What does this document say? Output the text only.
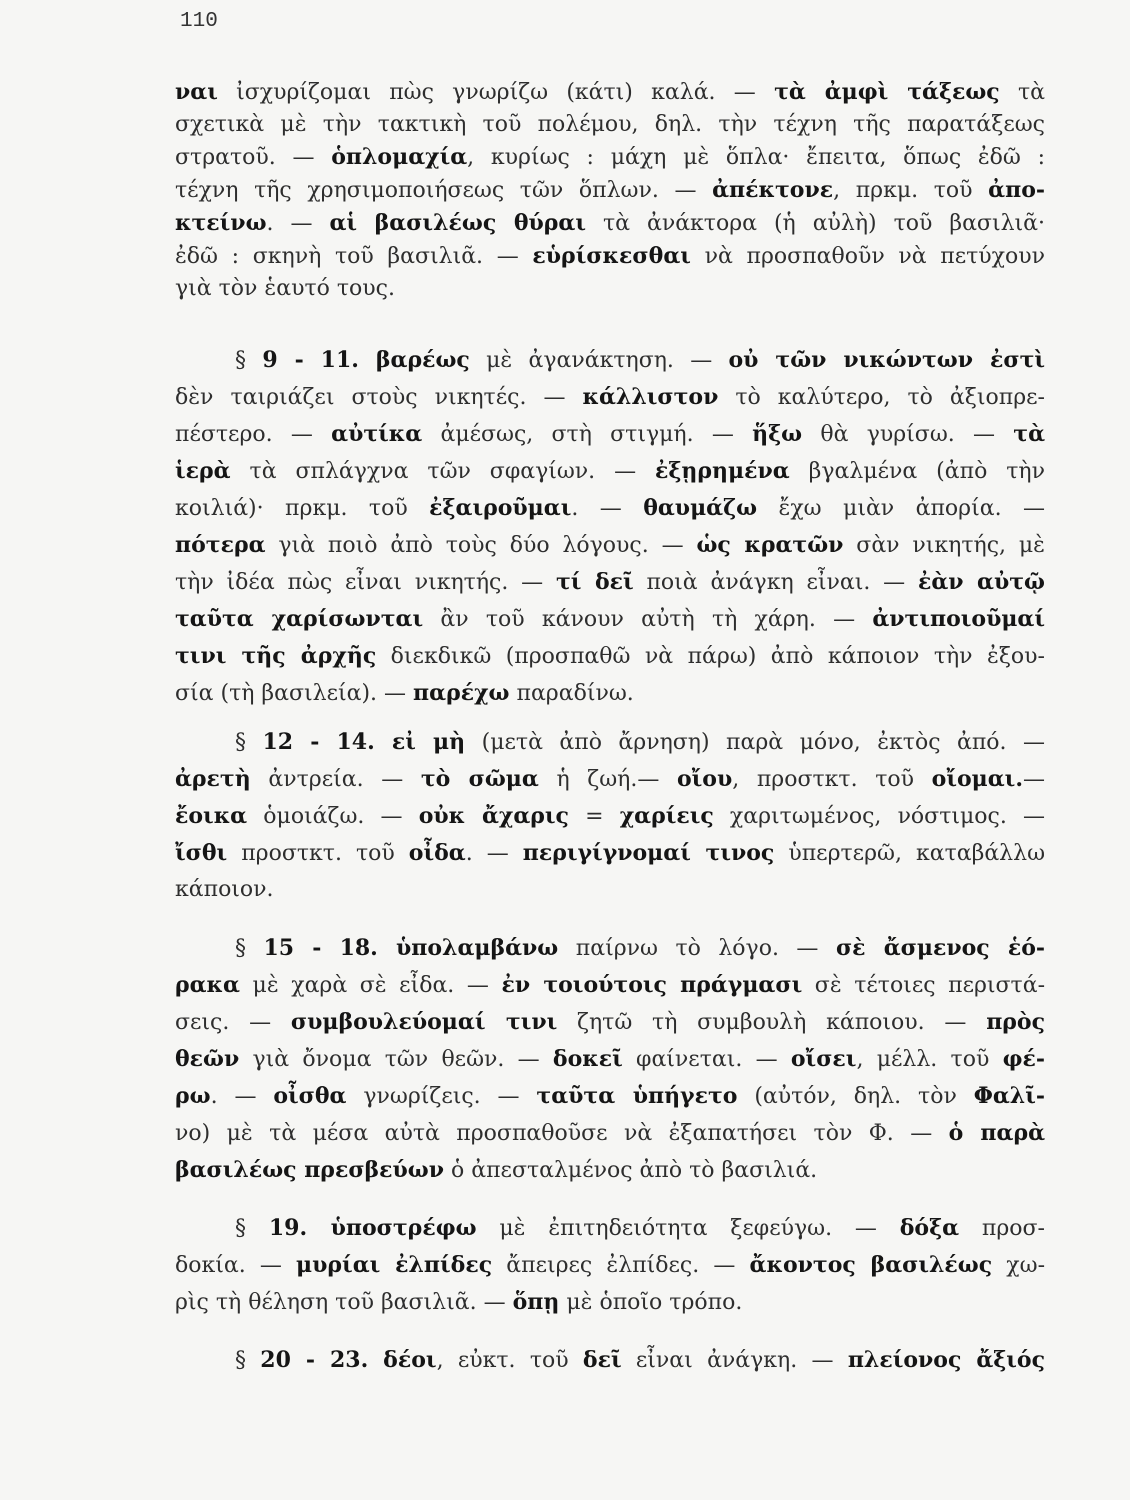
110
ναι ἰσχυρίζομαι πὼς γνωρίζω (κάτι) καλά. — τὰ ἀμφὶ τάξεως τὰ
σχετικὰ μὲ τὴν τακτικὴ τοῦ πολέμου, δηλ. τὴν τέχνη τῆς παρατάξεως
στρατοῦ. — ὁπλομαχία, κυρίως : μάχη μὲ ὅπλα· ἔπειτα, ὅπως ἐδῶ :
τέχνη τῆς χρησιμοποιήσεως τῶν ὅπλων. — ἀπέκτονε, πρκμ. τοῦ ἀπο-
κτείνω. — αἱ βασιλέως θύραι τὰ ἀνάκτορα (ἡ αὐλὴ) τοῦ βασιλιᾶ·
ἐδῶ : σκηνὴ τοῦ βασιλιᾶ. — εὑρίσκεσθαι νὰ προσπαθοῦν νὰ πετύχουν
γιὰ τὸν ἑαυτό τους.
§ 9 - 11. βαρέως μὲ ἀγανάκτηση. — οὐ τῶν νικώντων ἐστὶ
δὲν ταιριάζει στοὺς νικητές. — κάλλιστον τὸ καλύτερο, τὸ ἀξιοπρε-
πέστερο. — αὐτίκα ἀμέσως, στὴ στιγμή. — ἥξω θὰ γυρίσω. — τὰ
ἱερὰ τὰ σπλάγχνα τῶν σφαγίων. — ἐξῃρημένα βγαλμένα (ἀπὸ τὴν
κοιλιά)· πρκμ. τοῦ ἐξαιροῦμαι. — θαυμάζω ἔχω μιὰν ἀπορία. —
πότερα γιὰ ποιὸ ἀπὸ τοὺς δύο λόγους. — ὡς κρατῶν σὰν νικητής, μὲ
τὴν ἰδέα πὼς εἶναι νικητής. — τί δεῖ ποιὰ ἀνάγκη εἶναι. — ἐὰν αὐτῷ
ταῦτα χαρίσωνται ἂν τοῦ κάνουν αὐτὴ τὴ χάρη. — ἀντιποιοῦμαί
τινι τῆς ἀρχῆς διεκδικῶ (προσπαθῶ νὰ πάρω) ἀπὸ κάποιον τὴν ἐξου-
σία (τὴ βασιλεία). — παρέχω παραδίνω.
§ 12 - 14. εἰ μὴ (μετὰ ἀπὸ ἄρνηση) παρὰ μόνο, ἐκτὸς ἀπό. —
ἀρετὴ ἀντρεία. — τὸ σῶμα ἡ ζωή.— οἴου, προστκτ. τοῦ οἴομαι.—
ἔοικα ὁμοιάζω. — οὐκ ἄχαρις = χαρίεις χαριτωμένος, νόστιμος. —
ἴσθι προστκτ. τοῦ οἶδα. — περιγίγνομαί τινος ὑπερτερῶ, καταβάλλω
κάποιον.
§ 15 - 18. ὑπολαμβάνω παίρνω τὸ λόγο. — σὲ ἄσμενος ἑό-
ρακα μὲ χαρὰ σὲ εἶδα. — ἐν τοιούτοις πράγμασι σὲ τέτοιες περιστά-
σεις. — συμβουλεύομαί τινι ζητῶ τὴ συμβουλὴ κάποιου. — πρὸς
θεῶν γιὰ ὄνομα τῶν θεῶν. — δοκεῖ φαίνεται. — οἴσει, μέλλ. τοῦ φέ-
ρω. — οἶσθα γνωρίζεις. — ταῦτα ὑπήγετο (αὐτόν, δηλ. τὸν Φαλῖ-
νο) μὲ τὰ μέσα αὐτὰ προσπαθοῦσε νὰ ἐξαπατήσει τὸν Φ. — ὁ παρὰ
βασιλέως πρεσβεύων ὁ ἀπεσταλμένος ἀπὸ τὸ βασιλιά.
§ 19. ὑποστρέφω μὲ ἐπιτηδειότητα ξεφεύγω. — δόξα προσ-
δοκία. — μυρίαι ἐλπίδες ἄπειρες ἐλπίδες. — ἄκοντος βασιλέως χω-
ρὶς τὴ θέληση τοῦ βασιλιᾶ. — ὅπῃ μὲ ὁποῖο τρόπο.
§ 20 - 23. δέοι, εὐκτ. τοῦ δεῖ εἶναι ἀνάγκη. — πλείονος ἄξιός
